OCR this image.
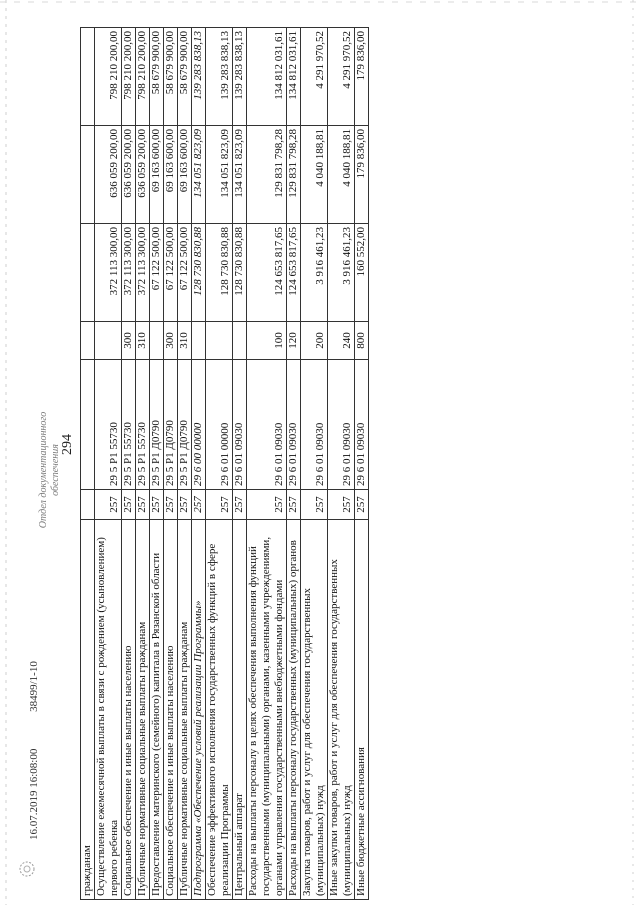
294
Отдел документационного обеспечения
16.07.2019 16:08:00 38499/1-10
гражданам						
Осуществление ежемесячной выплаты в связи с рождением (усыновлением) первого ребенка	257	29 5 P1 55730		372 113 300,00	636 059 200,00	798 210 200,00
Социальное обеспечение и иные выплаты населению	257	29 5 P1 55730	300	372 113 300,00	636 059 200,00	798 210 200,00
Публичные нормативные социальные выплаты гражданам	257	29 5 P1 55730	310	372 113 300,00	636 059 200,00	798 210 200,00
Предоставление материнского (семейного) капитала в Рязанской области	257	29 5 P1 Д0790		67 122 500,00	69 163 600,00	58 679 900,00
Социальное обеспечение и иные выплаты населению	257	29 5 P1 Д0790	300	67 122 500,00	69 163 600,00	58 679 900,00
Публичные нормативные социальные выплаты гражданам	257	29 5 P1 Д0790	310	67 122 500,00	69 163 600,00	58 679 900,00
Подпрограмма «Обеспечение условий реализации Программы»	257	29 6 00 00000		128 730 830,88	134 051 823,09	139 283 838,13
Обеспечение эффективного исполнения государственных функций в сфере реализации Программы	257	29 6 01 00000		128 730 830,88	134 051 823,09	139 283 838,13
Центральный аппарат	257	29 6 01 09030		128 730 830,88	134 051 823,09	139 283 838,13
Расходы на выплаты персоналу в целях обеспечения выполнения функций государственными (муниципальными) органами, казенными учреждениями, органами управления государственными внебюджетными фондами	257	29 6 01 09030	100	124 653 817,65	129 831 798,28	134 812 031,61
Расходы на выплаты персоналу государственных (муниципальных) органов	257	29 6 01 09030	120	124 653 817,65	129 831 798,28	134 812 031,61
Закупка товаров, работ и услуг для обеспечения государственных (муниципальных) нужд	257	29 6 01 09030	200	3 916 461,23	4 040 188,81	4 291 970,52
Иные закупки товаров, работ и услуг для обеспечения государственных (муниципальных) нужд	257	29 6 01 09030	240	3 916 461,23	4 040 188,81	4 291 970,52
Иные бюджетные ассигнования	257	29 6 01 09030	800	160 552,00	179 836,00	179 836,00
